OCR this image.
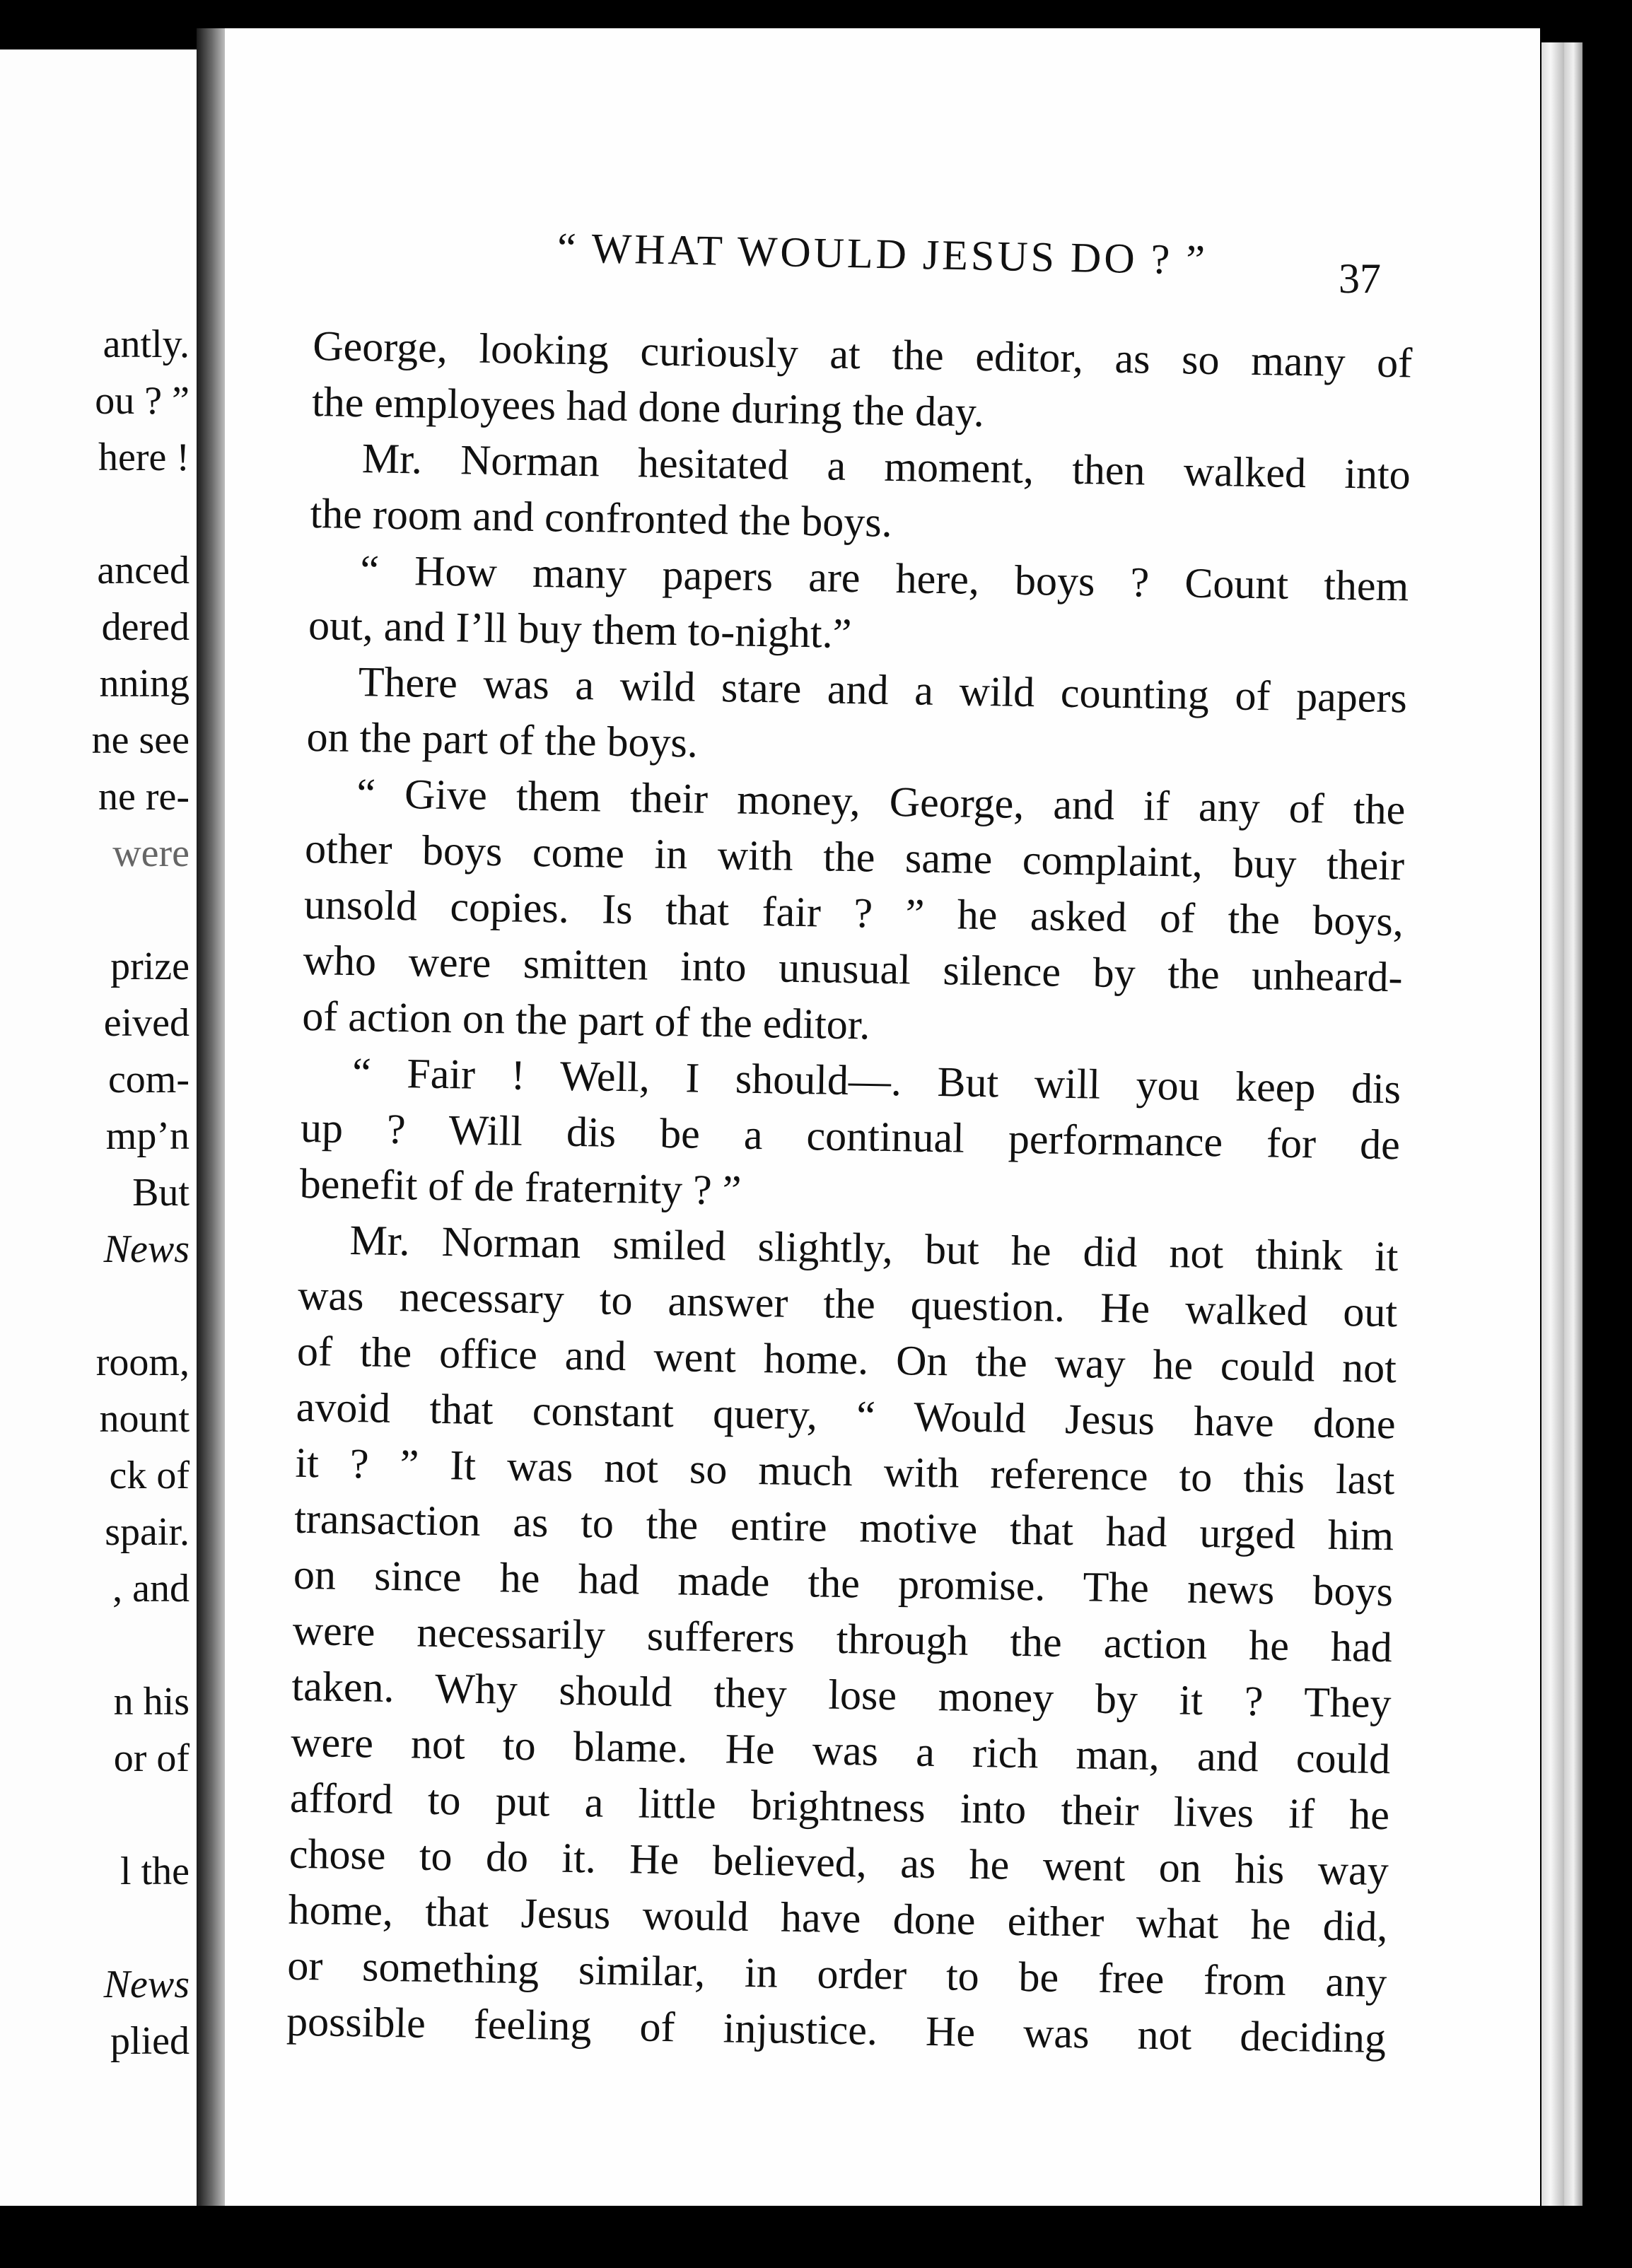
antly.
ou ? ”
here !
anced
dered
nning
ne see
ne re-
were
prize
eived
com-
mp’n
But
News
room,
nount
ck of
spair.
, and
n his
or of
l the
News
plied
“ WHAT WOULD JESUS DO ? ”	37
George, looking curiously at the editor, as so many of
the employees had done during the day.
Mr. Norman hesitated a moment, then walked into
the room and confronted the boys.
“ How many papers are here, boys ? Count them
out, and I’ll buy them to-night.”
There was a wild stare and a wild counting of papers
on the part of the boys.
“ Give them their money, George, and if any of the
other boys come in with the same complaint, buy their
unsold copies. Is that fair ? ” he asked of the boys,
who were smitten into unusual silence by the unheard-
of action on the part of the editor.
“ Fair ! Well, I should—. But will you keep dis
up ? Will dis be a continual performance for de
benefit of de fraternity ? ”
Mr. Norman smiled slightly, but he did not think it
was necessary to answer the question. He walked out
of the office and went home. On the way he could not
avoid that constant query, “ Would Jesus have done
it ? ” It was not so much with reference to this last
transaction as to the entire motive that had urged him
on since he had made the promise. The news boys
were necessarily sufferers through the action he had
taken. Why should they lose money by it ? They
were not to blame. He was a rich man, and could
afford to put a little brightness into their lives if he
chose to do it. He believed, as he went on his way
home, that Jesus would have done either what he did,
or something similar, in order to be free from any
possible feeling of injustice. He was not deciding
